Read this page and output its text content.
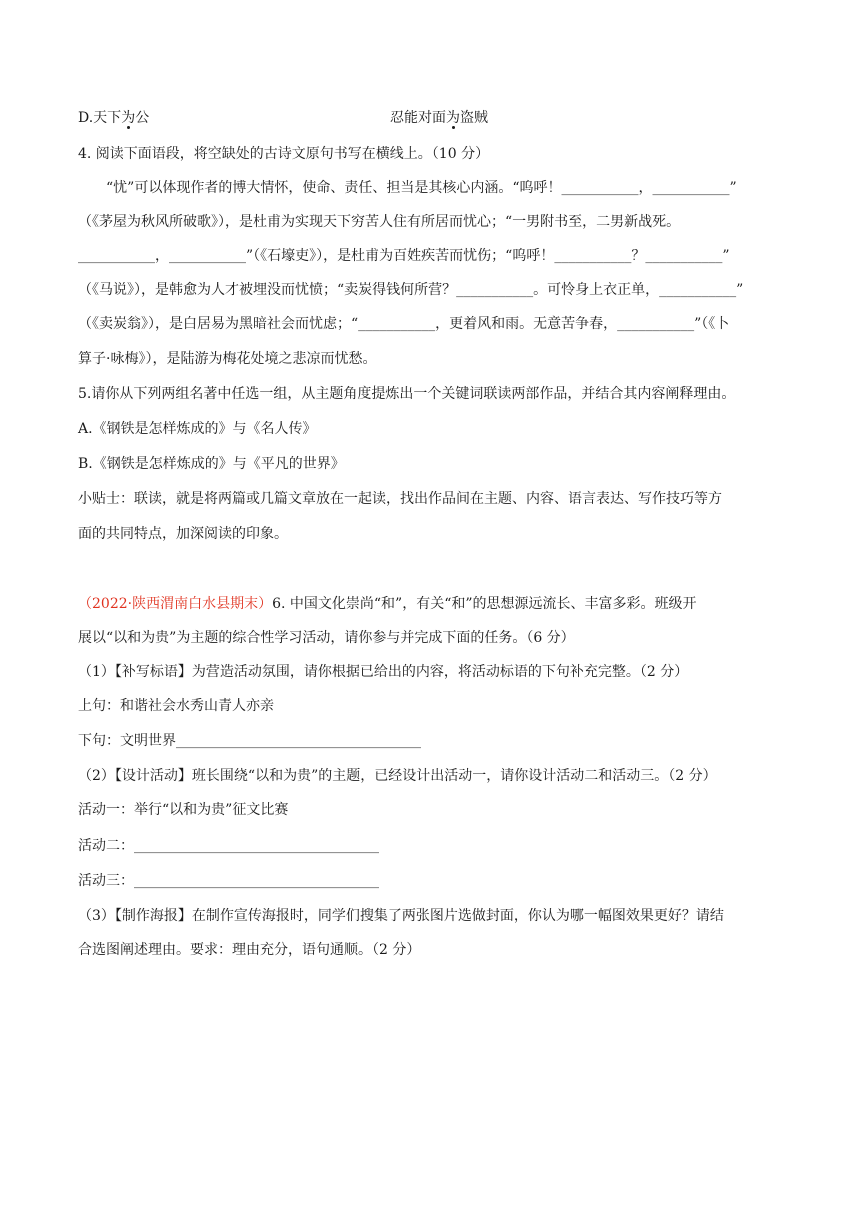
D.天下为公	忍能对面为盗贼
4. 阅读下面语段，将空缺处的古诗文原句书写在横线上。（10 分）
“忧”可以体现作者的博大情怀，使命、责任、担当是其核心内涵。“呜呼！___________，___________”
（《茅屋为秋风所破歌》），是杜甫为实现天下穷苦人住有所居而忧心；“一男附书至，二男新战死。
___________，___________”（《石壕吏》），是杜甫为百姓疾苦而忧伤；“呜呼！___________？___________”
（《马说》），是韩愈为人才被埋没而忧愤；“卖炭得钱何所营？___________。可怜身上衣正单，___________”
（《卖炭翁》），是白居易为黑暗社会而忧虑；“___________，更着风和雨。无意苦争春，___________”（《卜
算子·咏梅》），是陆游为梅花处境之悲凉而忧愁。
5.请你从下列两组名著中任选一组，从主题角度提炼出一个关键词联读两部作品，并结合其内容阐释理由。
A.《钢铁是怎样炼成的》与《名人传》
B.《钢铁是怎样炼成的》与《平凡的世界》
小贴士：联读，就是将两篇或几篇文章放在一起读，找出作品间在主题、内容、语言表达、写作技巧等方
面的共同特点，加深阅读的印象。
（2022·陕西渭南白水县期末）6. 中国文化崇尚“和”，有关“和”的思想源远流长、丰富多彩。班级开
展以“以和为贵”为主题的综合性学习活动，请你参与并完成下面的任务。（6 分）
（1）【补写标语】为营造活动氛围，请你根据已给出的内容，将活动标语的下句补充完整。（2 分）
上句：和谐社会水秀山青人亦亲
下句：文明世界___________________________________
（2）【设计活动】班长围绕“以和为贵”的主题，已经设计出活动一，请你设计活动二和活动三。（2 分）
活动一：举行“以和为贵”征文比赛
活动二：___________________________________
活动三：___________________________________
（3）【制作海报】在制作宣传海报时，同学们搜集了两张图片选做封面，你认为哪一幅图效果更好？请结
合选图阐述理由。要求：理由充分，语句通顺。（2 分）
